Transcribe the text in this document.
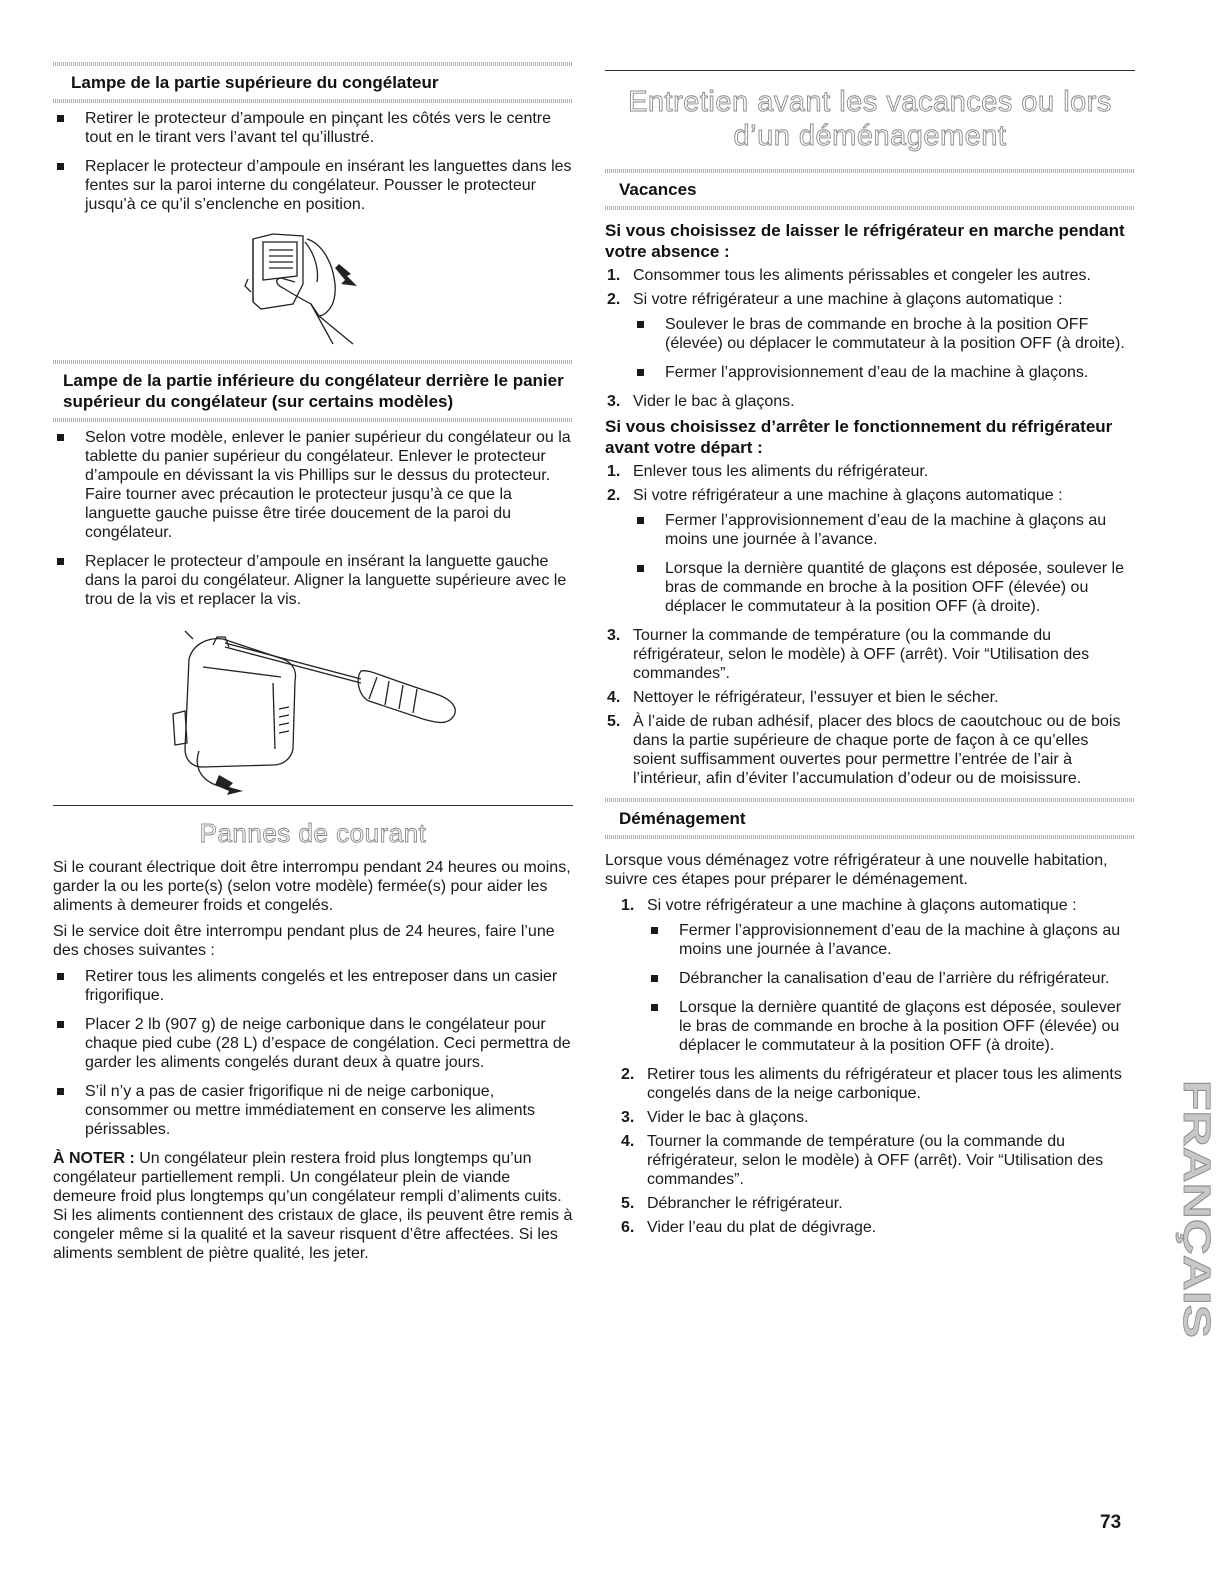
Lampe de la partie supérieure du congélateur
Retirer le protecteur d’ampoule en pinçant les côtés vers le centre tout en le tirant vers l’avant tel qu’illustré.
Replacer le protecteur d’ampoule en insérant les languettes dans les fentes sur la paroi interne du congélateur. Pousser le protecteur jusqu’à ce qu’il s’enclenche en position.
Lampe de la partie inférieure du congélateur derrière le panier supérieur du congélateur (sur certains modèles)
Selon votre modèle, enlever le panier supérieur du congélateur ou la tablette du panier supérieur du congélateur. Enlever le protecteur d’ampoule en dévissant la vis Phillips sur le dessus du protecteur. Faire tourner avec précaution le protecteur jusqu’à ce que la languette gauche puisse être tirée doucement de la paroi du congélateur.
Replacer le protecteur d’ampoule en insérant la languette gauche dans la paroi du congélateur. Aligner la languette supérieure avec le trou de la vis et replacer la vis.
Pannes de courant

Si le courant électrique doit être interrompu pendant 24 heures ou moins, garder la ou les porte(s) (selon votre modèle) fermée(s) pour aider les aliments à demeurer froids et congelés.

Si le service doit être interrompu pendant plus de 24 heures, faire l’une des choses suivantes :

Retirer tous les aliments congelés et les entreposer dans un casier frigorifique.
Placer 2 lb (907 g) de neige carbonique dans le congélateur pour chaque pied cube (28 L) d’espace de congélation. Ceci permettra de garder les aliments congelés durant deux à quatre jours.
S’il n’y a pas de casier frigorifique ni de neige carbonique, consommer ou mettre immédiatement en conserve les aliments périssables.

À NOTER : Un congélateur plein restera froid plus longtemps qu’un congélateur partiellement rempli. Un congélateur plein de viande demeure froid plus longtemps qu’un congélateur rempli d’aliments cuits. Si les aliments contiennent des cristaux de glace, ils peuvent être remis à congeler même si la qualité et la saveur risquent d’être affectées. Si les aliments semblent de piètre qualité, les jeter.

Entretien avant les vacances ou lors
d’un déménagement
Vacances
Si vous choisissez de laisser le réfrigérateur en marche pendant votre absence :
1. Consommer tous les aliments périssables et congeler les autres.
2. Si votre réfrigérateur a une machine à glaçons automatique :
Soulever le bras de commande en broche à la position OFF (élevée) ou déplacer le commutateur à la position OFF (à droite).
Fermer l’approvisionnement d’eau de la machine à glaçons.
3. Vider le bac à glaçons.
Si vous choisissez d’arrêter le fonctionnement du réfrigérateur avant votre départ :
1. Enlever tous les aliments du réfrigérateur.
2. Si votre réfrigérateur a une machine à glaçons automatique :
Fermer l’approvisionnement d’eau de la machine à glaçons au moins une journée à l’avance.
Lorsque la dernière quantité de glaçons est déposée, soulever le bras de commande en broche à la position OFF (élevée) ou déplacer le commutateur à la position OFF (à droite).
3. Tourner la commande de température (ou la commande du réfrigérateur, selon le modèle) à OFF (arrêt). Voir “Utilisation des commandes”.
4. Nettoyer le réfrigérateur, l’essuyer et bien le sécher.
5. À l’aide de ruban adhésif, placer des blocs de caoutchouc ou de bois dans la partie supérieure de chaque porte de façon à ce qu’elles soient suffisamment ouvertes pour permettre l’entrée de l’air à l’intérieur, afin d’éviter l’accumulation d’odeur ou de moisissure.
Déménagement

Lorsque vous déménagez votre réfrigérateur à une nouvelle habitation, suivre ces étapes pour préparer le déménagement.

1. Si votre réfrigérateur a une machine à glaçons automatique :
Fermer l’approvisionnement d’eau de la machine à glaçons au moins une journée à l’avance.
Débrancher la canalisation d’eau de l’arrière du réfrigérateur.
Lorsque la dernière quantité de glaçons est déposée, soulever le bras de commande en broche à la position OFF (élevée) ou déplacer le commutateur à la position OFF (à droite).
2. Retirer tous les aliments du réfrigérateur et placer tous les aliments congelés dans de la neige carbonique.
3. Vider le bac à glaçons.
4. Tourner la commande de température (ou la commande du réfrigérateur, selon le modèle) à OFF (arrêt). Voir “Utilisation des commandes”.
5. Débrancher le réfrigérateur.
6. Vider l’eau du plat de dégivrage.	FRANÇAIS
73
